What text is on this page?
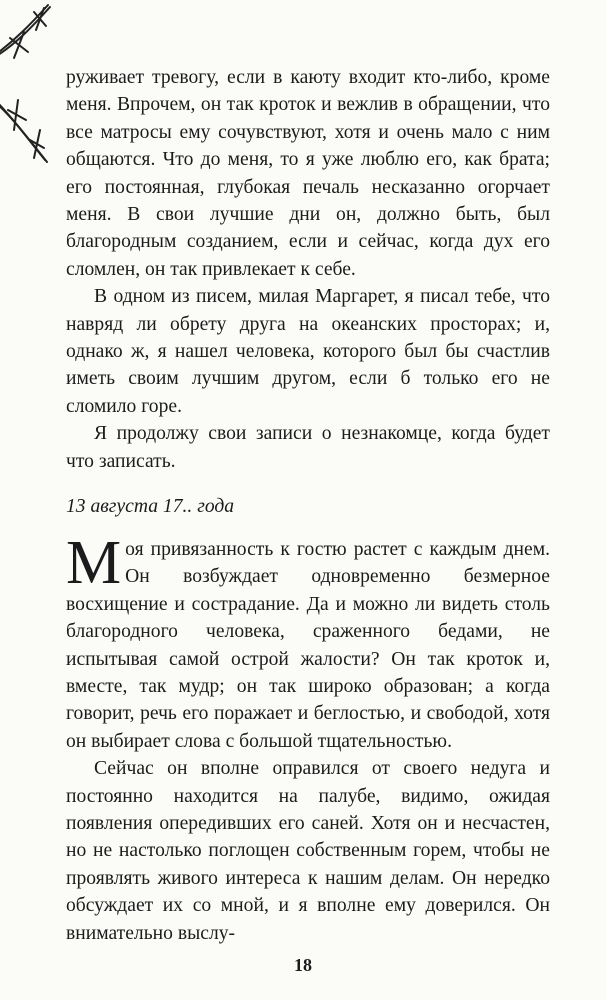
руживает тревогу, если в каюту входит кто-либо, кроме меня. Впрочем, он так кроток и вежлив в обращении, что все матросы ему сочувствуют, хотя и очень мало с ним общаются. Что до меня, то я уже люблю его, как брата; его постоянная, глубокая печаль несказанно огорчает меня. В свои лучшие дни он, должно быть, был благородным созданием, если и сейчас, когда дух его сломлен, он так привлекает к себе.

В одном из писем, милая Маргарет, я писал тебе, что навряд ли обрету друга на океанских просторах; и, однако ж, я нашел человека, которого был бы счастлив иметь своим лучшим другом, если б только его не сломило горе.

Я продолжу свои записи о незнакомце, когда будет что записать.

13 августа 17.. года

Моя привязанность к гостю растет с каждым днем. Он возбуждает одновременно безмерное восхищение и сострадание. Да и можно ли видеть столь благородного человека, сраженного бедами, не испытывая самой острой жалости? Он так кроток и, вместе, так мудр; он так широко образован; а когда говорит, речь его поражает и беглостью, и свободой, хотя он выбирает слова с большой тщательностью.

Сейчас он вполне оправился от своего недуга и постоянно находится на палубе, видимо, ожидая появления опередивших его саней. Хотя он и несчастен, но не настолько поглощен собственным горем, чтобы не проявлять живого интереса к нашим делам. Он нередко обсуждает их со мной, и я вполне ему доверился. Он внимательно выслу-

18
